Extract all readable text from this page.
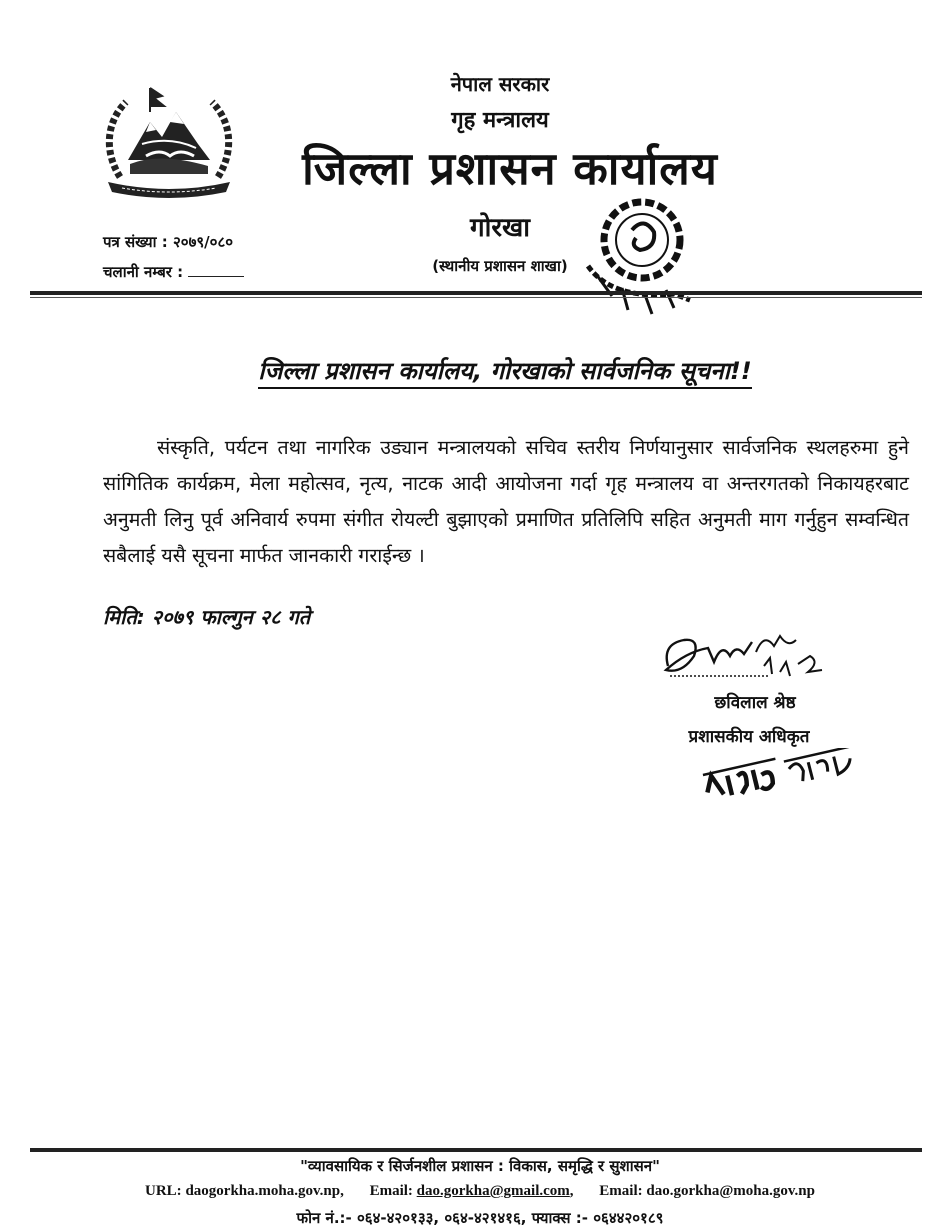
नेपाल सरकार
गृह मन्त्रालय
जिल्ला प्रशासन कार्यालय
गोरखा
(स्थानीय प्रशासन शाखा)
पत्र संख्या : २०७९/०८०
चलानी नम्बर :
जिल्ला प्रशासन कार्यालय, गोरखाको सार्वजनिक सूचना!!
संस्कृति, पर्यटन तथा नागरिक उड्यान मन्त्रालयको सचिव स्तरीय निर्णयानुसार सार्वजनिक स्थलहरुमा हुने सांगितिक कार्यक्रम, मेला महोत्सव, नृत्य, नाटक आदी आयोजना गर्दा गृह मन्त्रालय वा अन्तरगतको निकायहरबाट अनुमती लिनु पूर्व अनिवार्य रुपमा संगीत रोयल्टी बुझाएको प्रमाणित प्रतिलिपि सहित अनुमती माग गर्नुहुन सम्वन्धित सबैलाई यसै सूचना मार्फत जानकारी गराईन्छ ।
मिति: २०७९ फाल्गुन २८ गते
छविलाल श्रेष्ठ
प्रशासकीय अधिकृत
"व्यावसायिक र सिर्जनशील प्रशासन : विकास, समृद्धि र सुशासन"
URL: daogorkha.moha.gov.np, Email: dao.gorkha@gmail.com, Email: dao.gorkha@moha.gov.np
फोन नं.:- ०६४-४२०१३३, ०६४-४२१४१६, फ्याक्स :- ०६४४२०१८९
